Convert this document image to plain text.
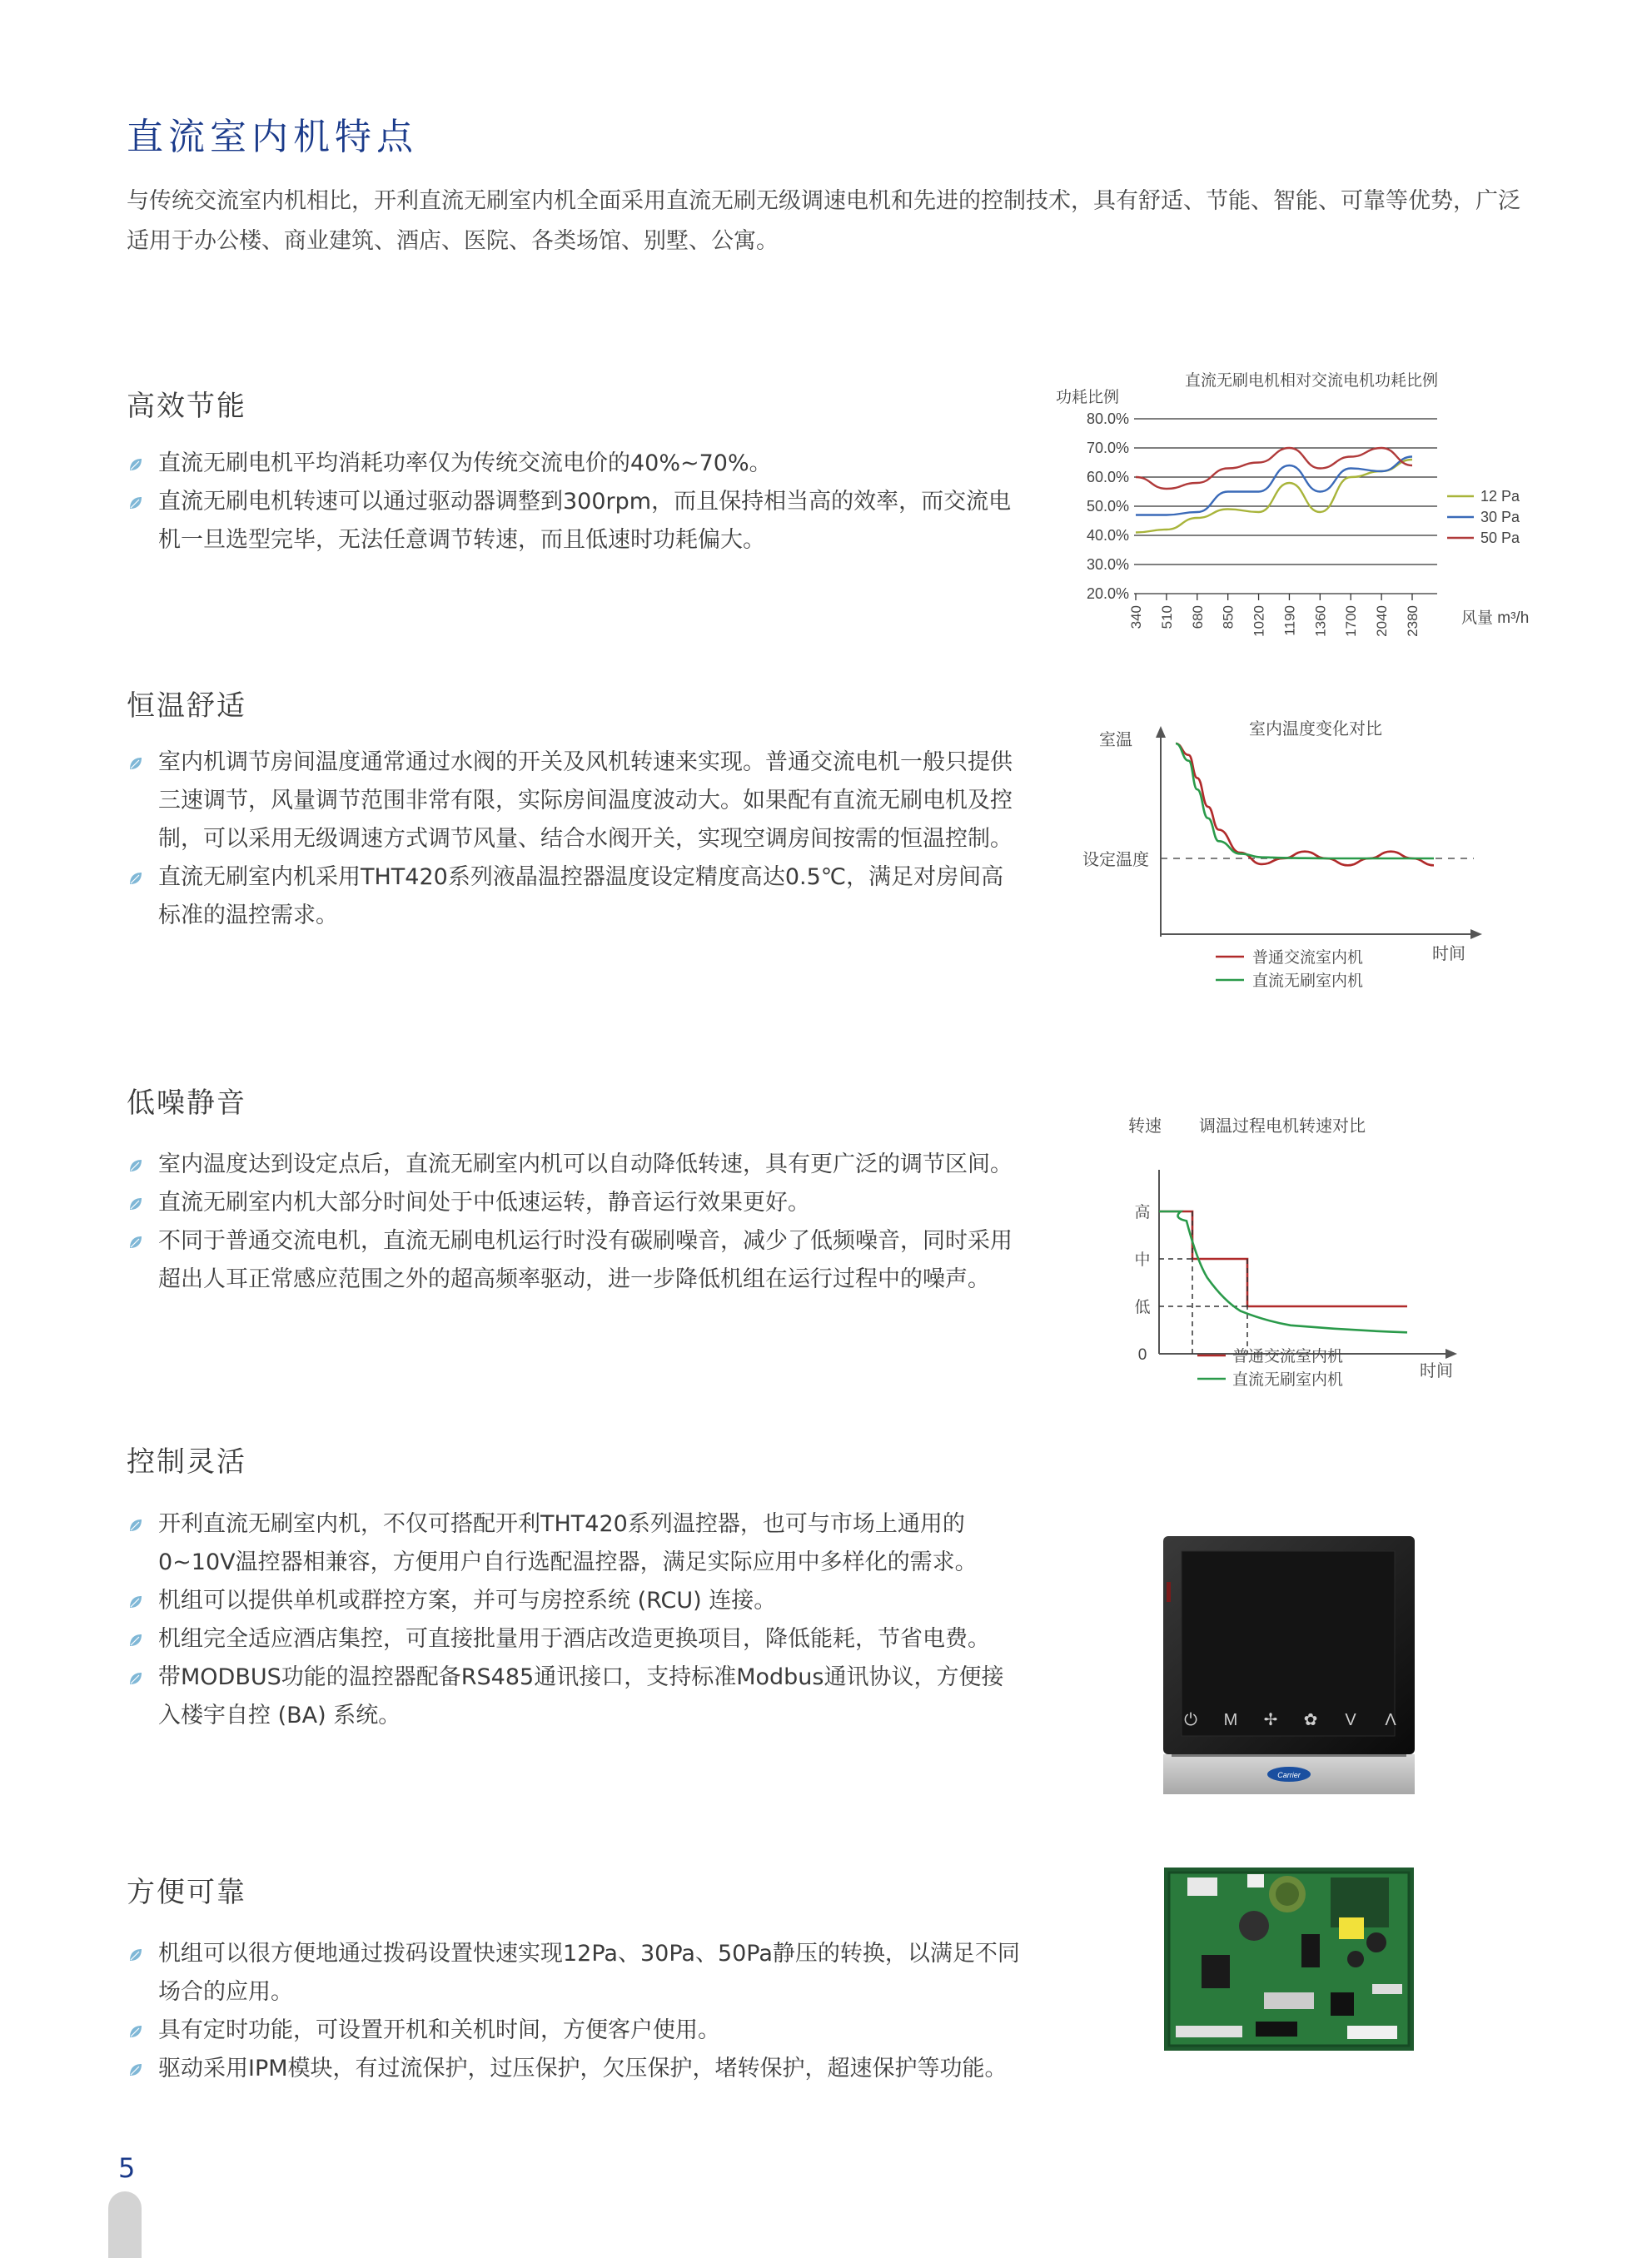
直流室内机特点
与传统交流室内机相比，开利直流无刷室内机全面采用直流无刷无级调速电机和先进的控制技术，具有舒适、节能、智能、可靠等优势，广泛适用于办公楼、商业建筑、酒店、医院、各类场馆、别墅、公寓。
高效节能
直流无刷电机平均消耗功率仅为传统交流电价的40%~70%。
直流无刷电机转速可以通过驱动器调整到300rpm，而且保持相当高的效率，而交流电机一旦选型完毕，无法任意调节转速，而且低速时功耗偏大。
恒温舒适
室内机调节房间温度通常通过水阀的开关及风机转速来实现。普通交流电机一般只提供三速调节，风量调节范围非常有限，实际房间温度波动大。如果配有直流无刷电机及控制，可以采用无级调速方式调节风量、结合水阀开关，实现空调房间按需的恒温控制。
直流无刷室内机采用THT420系列液晶温控器温度设定精度高达0.5℃，满足对房间高标准的温控需求。
低噪静音
室内温度达到设定点后，直流无刷室内机可以自动降低转速，具有更广泛的调节区间。
直流无刷室内机大部分时间处于中低速运转，静音运行效果更好。
不同于普通交流电机，直流无刷电机运行时没有碳刷噪音，减少了低频噪音，同时采用超出人耳正常感应范围之外的超高频率驱动，进一步降低机组在运行过程中的噪声。
控制灵活
开利直流无刷室内机，不仅可搭配开利THT420系列温控器，也可与市场上通用的0~10V温控器相兼容，方便用户自行选配温控器，满足实际应用中多样化的需求。
机组可以提供单机或群控方案，并可与房控系统 (RCU) 连接。
机组完全适应酒店集控，可直接批量用于酒店改造更换项目，降低能耗，节省电费。
带MODBUS功能的温控器配备RS485通讯接口，支持标准Modbus通讯协议，方便接入楼宇自控 (BA) 系统。
方便可靠
机组可以很方便地通过拨码设置快速实现12Pa、30Pa、50Pa静压的转换，以满足不同场合的应用。
具有定时功能，可设置开机和关机时间，方便客户使用。
驱动采用IPM模块，有过流保护，过压保护，欠压保护，堵转保护，超速保护等功能。
直流无刷电机相对交流电机功耗比例
功耗比例
风量 m³/h
80.0%
70.0%
60.0%
50.0%
40.0%
30.0%
20.0%
340 510 680 850 1020 1190 1360 1700 2040 2380
12 Pa
30 Pa
50 Pa
室内温度变化对比
室温
时间
设定温度
普通交流室内机
直流无刷室内机
转速 调温过程电机转速对比
时间
高
中
低
0	普通交流室内机
直流无刷室内机
⏻ M ✢ ✿ V Λ
Carrier
5
